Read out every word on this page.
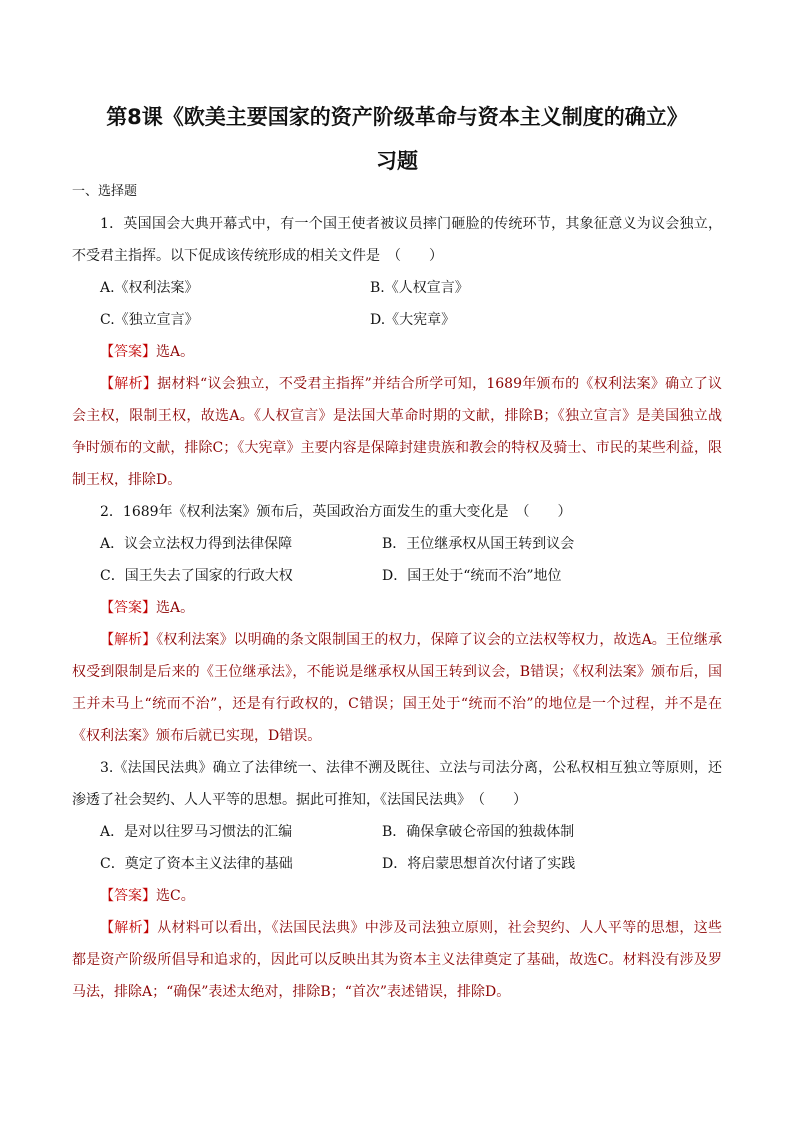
第8课《欧美主要国家的资产阶级革命与资本主义制度的确立》
习题
一、选择题

1．英国国会大典开幕式中，有一个国王使者被议员摔门砸脸的传统环节，其象征意义为议会独立，不受君主指挥。以下促成该传统形成的相关文件是　（　　）

A.《权利法案》	B.《人权宣言》
C.《独立宣言》	D.《大宪章》

【答案】选A。

【解析】据材料“议会独立，不受君主指挥”并结合所学可知，1689年颁布的《权利法案》确立了议会主权，限制王权，故选A。《人权宣言》是法国大革命时期的文献，排除B；《独立宣言》是美国独立战争时颁布的文献，排除C；《大宪章》主要内容是保障封建贵族和教会的特权及骑士、市民的某些利益，限制王权，排除D。

2．1689年《权利法案》颁布后，英国政治方面发生的重大变化是　（　　）

A．议会立法权力得到法律保障	B．王位继承权从国王转到议会
C．国王失去了国家的行政大权	D．国王处于“统而不治”地位

【答案】选A。

【解析】《权利法案》以明确的条文限制国王的权力，保障了议会的立法权等权力，故选A。王位继承权受到限制是后来的《王位继承法》，不能说是继承权从国王转到议会，B错误；《权利法案》颁布后，国王并未马上“统而不治”，还是有行政权的，C错误；国王处于“统而不治”的地位是一个过程，并不是在《权利法案》颁布后就已实现，D错误。

3.《法国民法典》确立了法律统一、法律不溯及既往、立法与司法分离，公私权相互独立等原则，还渗透了社会契约、人人平等的思想。据此可推知，《法国民法典》　（　　）

A．是对以往罗马习惯法的汇编	B．确保拿破仑帝国的独裁体制
C．奠定了资本主义法律的基础	D．将启蒙思想首次付诸了实践

【答案】选C。

【解析】从材料可以看出，《法国民法典》中涉及司法独立原则，社会契约、人人平等的思想，这些都是资产阶级所倡导和追求的，因此可以反映出其为资本主义法律奠定了基础，故选C。材料没有涉及罗马法，排除A；“确保”表述太绝对，排除B；“首次”表述错误，排除D。
